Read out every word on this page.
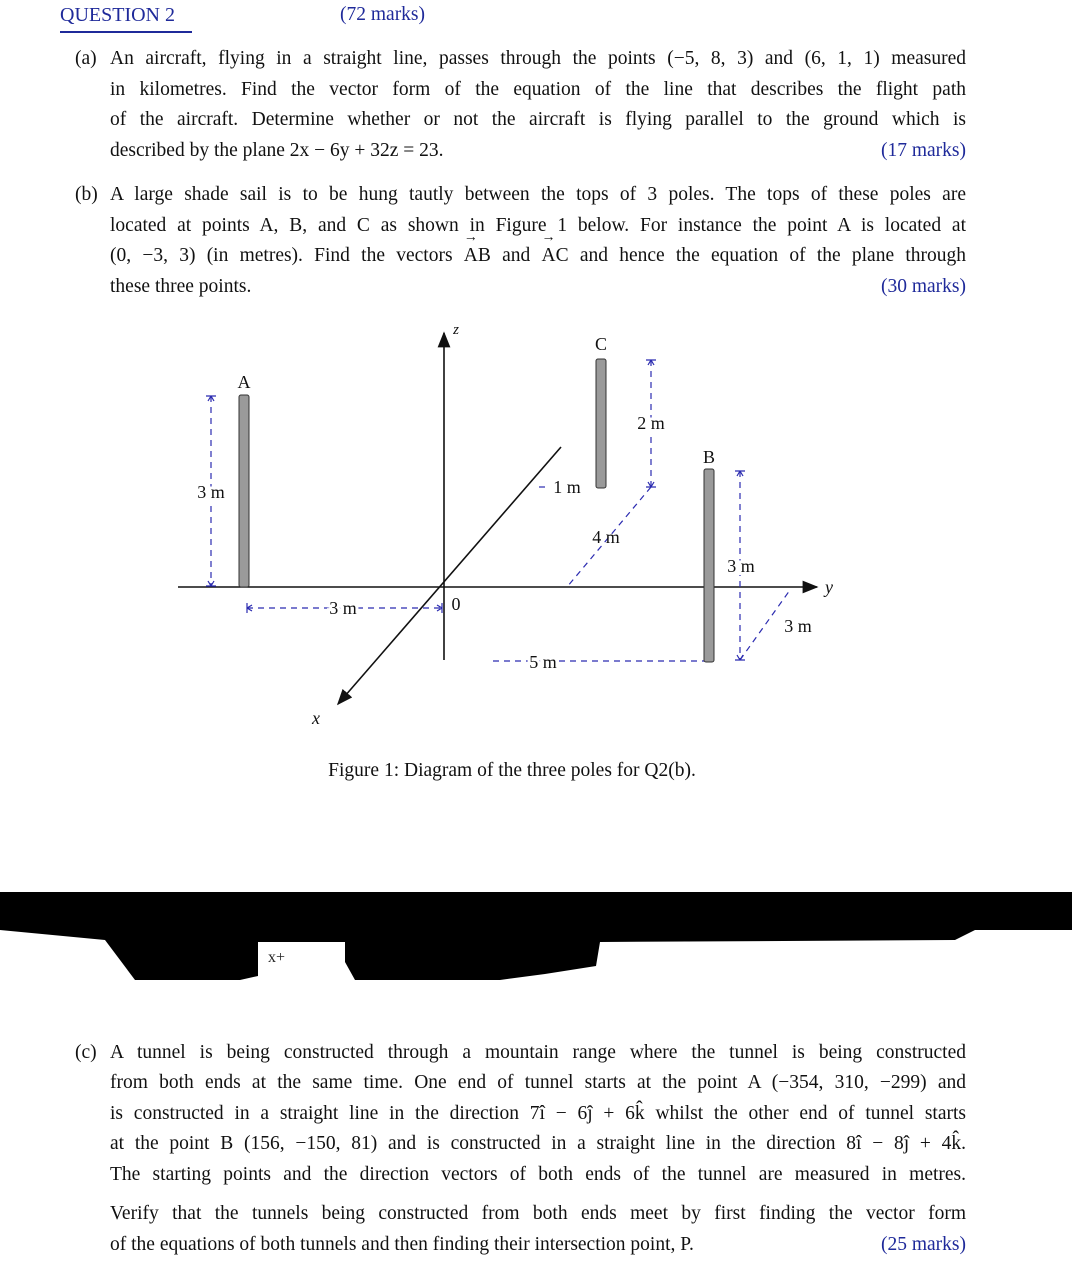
QUESTION 2	(72 marks)
(a) An aircraft, flying in a straight line, passes through the points (−5, 8, 3) and (6, 1, 1) measured
in kilometres. Find the vector form of the equation of the line that describes the flight path
of the aircraft. Determine whether or not the aircraft is flying parallel to the ground which is
described by the plane 2x − 6y + 32z = 23.	(17 marks)
(b) A large shade sail is to be hung tautly between the tops of 3 poles. The tops of these poles are
located at points A, B, and C as shown in Figure 1 below. For instance the point A is located at
(0, −3, 3) (in metres). Find the vectors → AB and → AC and hence the equation of the plane through
these three points.	(30 marks)
A
C
B
3 m
3 m
1 m
2 m
4 m
3 m
3 m
5 m
0
y
z
x
Figure 1: Diagram of the three poles for Q2(b).
x+
(c) A tunnel is being constructed through a mountain range where the tunnel is being constructed
from both ends at the same time. One end of tunnel starts at the point A (−354, 310, −299) and
is constructed in a straight line in the direction 7î − 6ĵ + 6k̂ whilst the other end of tunnel starts
at the point B (156, −150, 81) and is constructed in a straight line in the direction 8î − 8ĵ + 4k̂.
The starting points and the direction vectors of both ends of the tunnel are measured in metres.
Verify that the tunnels being constructed from both ends meet by first finding the vector form
of the equations of both tunnels and then finding their intersection point, P.	(25 marks)
